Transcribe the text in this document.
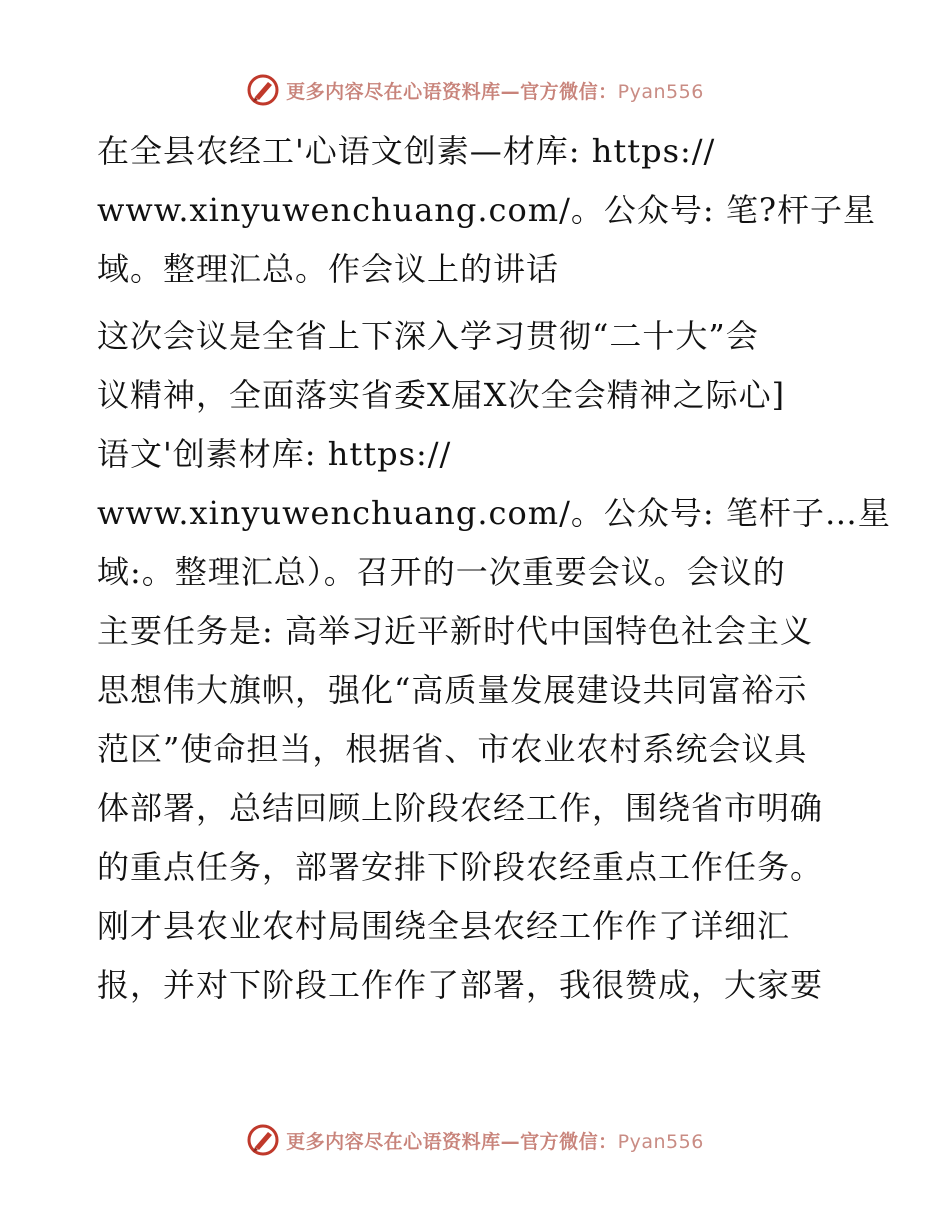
更多内容尽在心语资料库—官方微信：Pyan556
在全县农经工'心语文创素—材库: https://
www.xinyuwenchuang.com/。公众号: 笔?杆子星
域。整理汇总。作会议上的讲话
这次会议是全省上下深入学习贯彻“二十大”会
议精神，全面落实省委X届X次全会精神之际心]
语文'创素材库: https://
www.xinyuwenchuang.com/。公众号: 笔杆子…星
域:。整理汇总）。召开的一次重要会议。会议的
主要任务是: 高举习近平新时代中国特色社会主义
思想伟大旗帜，强化“高质量发展建设共同富裕示
范区”使命担当，根据省、市农业农村系统会议具
体部署，总结回顾上阶段农经工作，围绕省市明确
的重点任务，部署安排下阶段农经重点工作任务。
刚才县农业农村局围绕全县农经工作作了详细汇
报，并对下阶段工作作了部署，我很赞成，大家要
更多内容尽在心语资料库—官方微信：Pyan556
